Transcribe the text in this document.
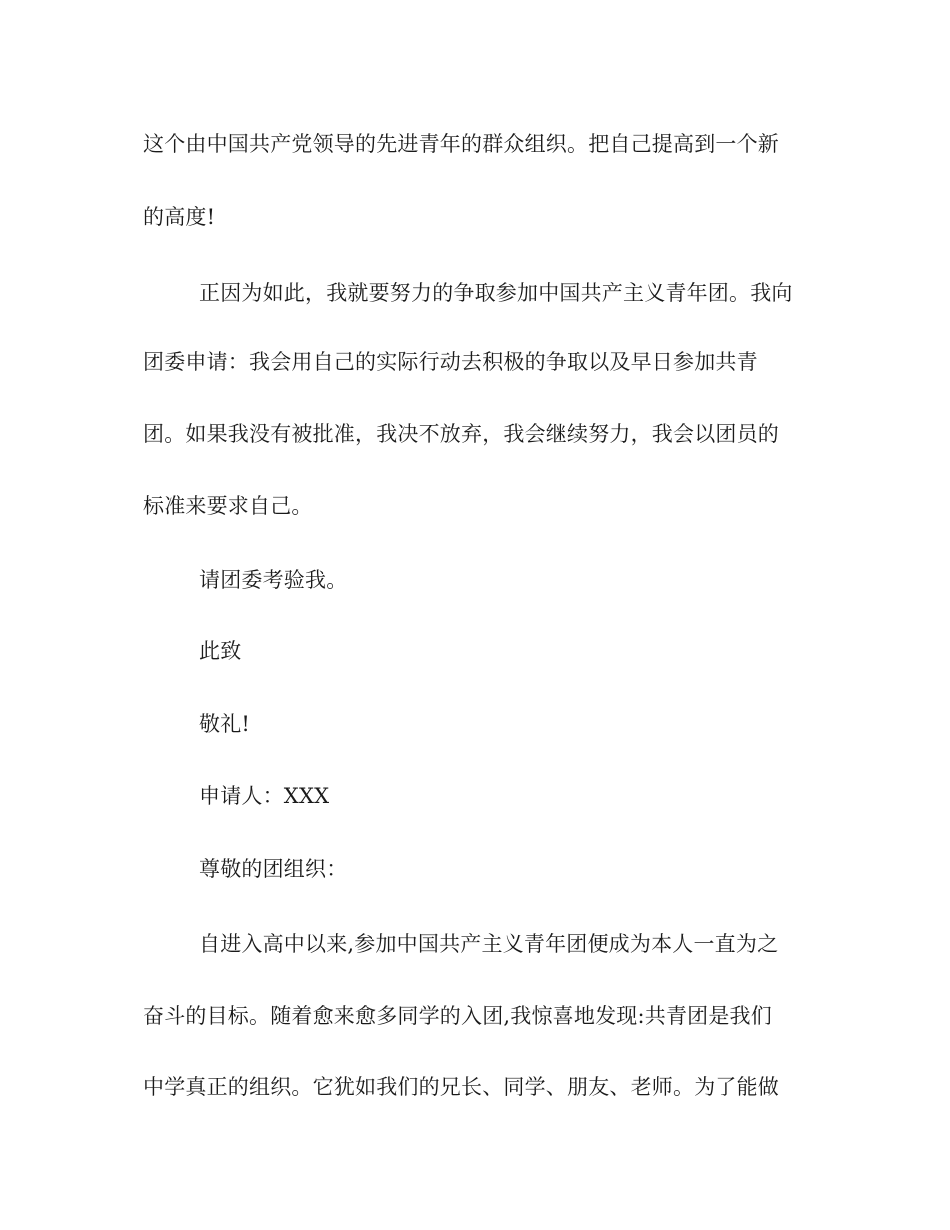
这个由中国共产党领导的先进青年的群众组织。把自己提高到一个新

的高度!

正因为如此，我就要努力的争取参加中国共产主义青年团。我向

团委申请：我会用自己的实际行动去积极的争取以及早日参加共青

团。如果我没有被批准，我决不放弃，我会继续努力，我会以团员的

标准来要求自己。

请团委考验我。

此致

敬礼!

申请人：XXX

尊敬的团组织：

自进入高中以来,参加中国共产主义青年团便成为本人一直为之

奋斗的目标。随着愈来愈多同学的入团,我惊喜地发现:共青团是我们

中学真正的组织。它犹如我们的兄长、同学、朋友、老师。为了能做
